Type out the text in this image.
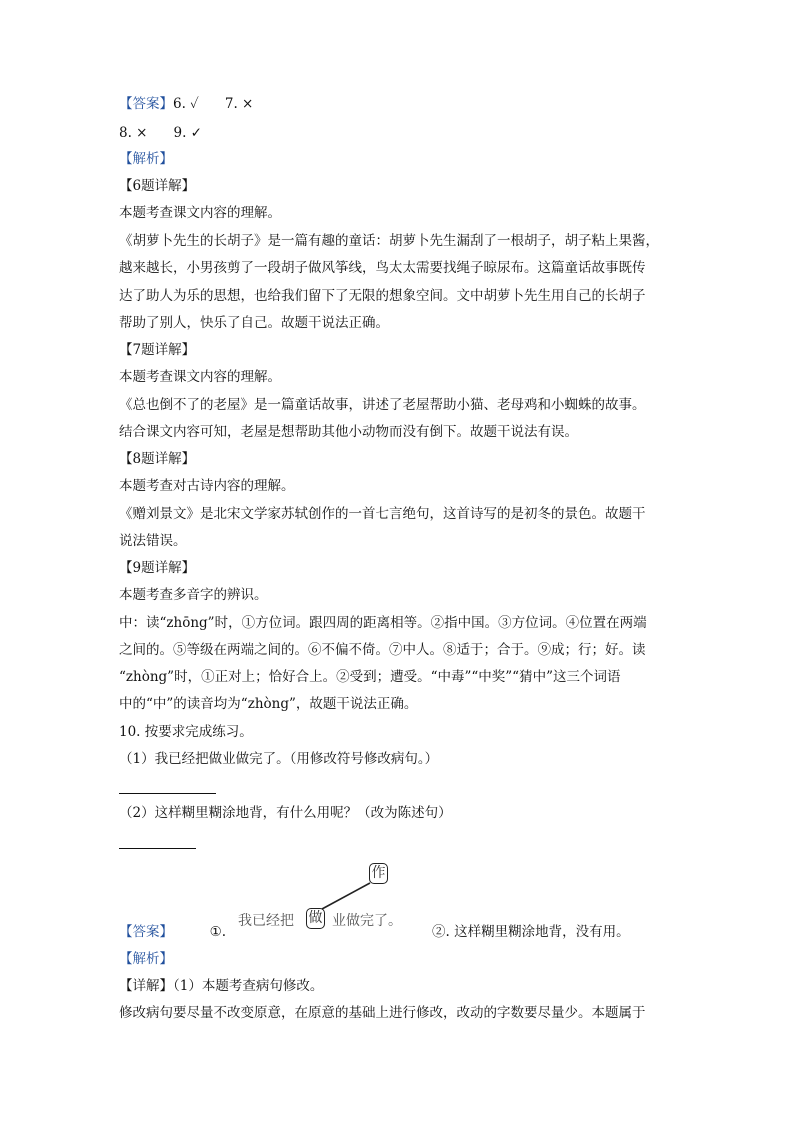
【答案】6. ✓ 7. ×
8. × 9. ✓
【解析】
【6题详解】
本题考查课文内容的理解。
《胡萝卜先生的长胡子》是一篇有趣的童话：胡萝卜先生漏刮了一根胡子，胡子粘上果酱，
越来越长，小男孩剪了一段胡子做风筝线，鸟太太需要找绳子晾尿布。这篇童话故事既传
达了助人为乐的思想，也给我们留下了无限的想象空间。文中胡萝卜先生用自己的长胡子
帮助了别人，快乐了自己。故题干说法正确。
【7题详解】
本题考查课文内容的理解。
《总也倒不了的老屋》是一篇童话故事，讲述了老屋帮助小猫、老母鸡和小蜘蛛的故事。
结合课文内容可知，老屋是想帮助其他小动物而没有倒下。故题干说法有误。
【8题详解】
本题考查对古诗内容的理解。
《赠刘景文》是北宋文学家苏轼创作的一首七言绝句，这首诗写的是初冬的景色。故题干
说法错误。
【9题详解】
本题考查多音字的辨识。
中：读“zhōng”时，①方位词。跟四周的距离相等。②指中国。③方位词。④位置在两端
之间的。⑤等级在两端之间的。⑥不偏不倚。⑦中人。⑧适于；合于。⑨成；行；好。读
“zhòng”时，①正对上；恰好合上。②受到；遭受。“中毒”“中奖”“猜中”这三个词语
中的“中”的读音均为“zhòng”，故题干说法正确。
10. 按要求完成练习。
（1）我已经把做业做完了。（用修改符号修改病句。）
（2）这样糊里糊涂地背，有什么用呢？（改为陈述句）
【答案】	①.	②. 这样糊里糊涂地背，没有用。
作
我已经把 做 业做完了。
【解析】
【详解】（1）本题考查病句修改。
修改病句要尽量不改变原意，在原意的基础上进行修改，改动的字数要尽量少。本题属于
